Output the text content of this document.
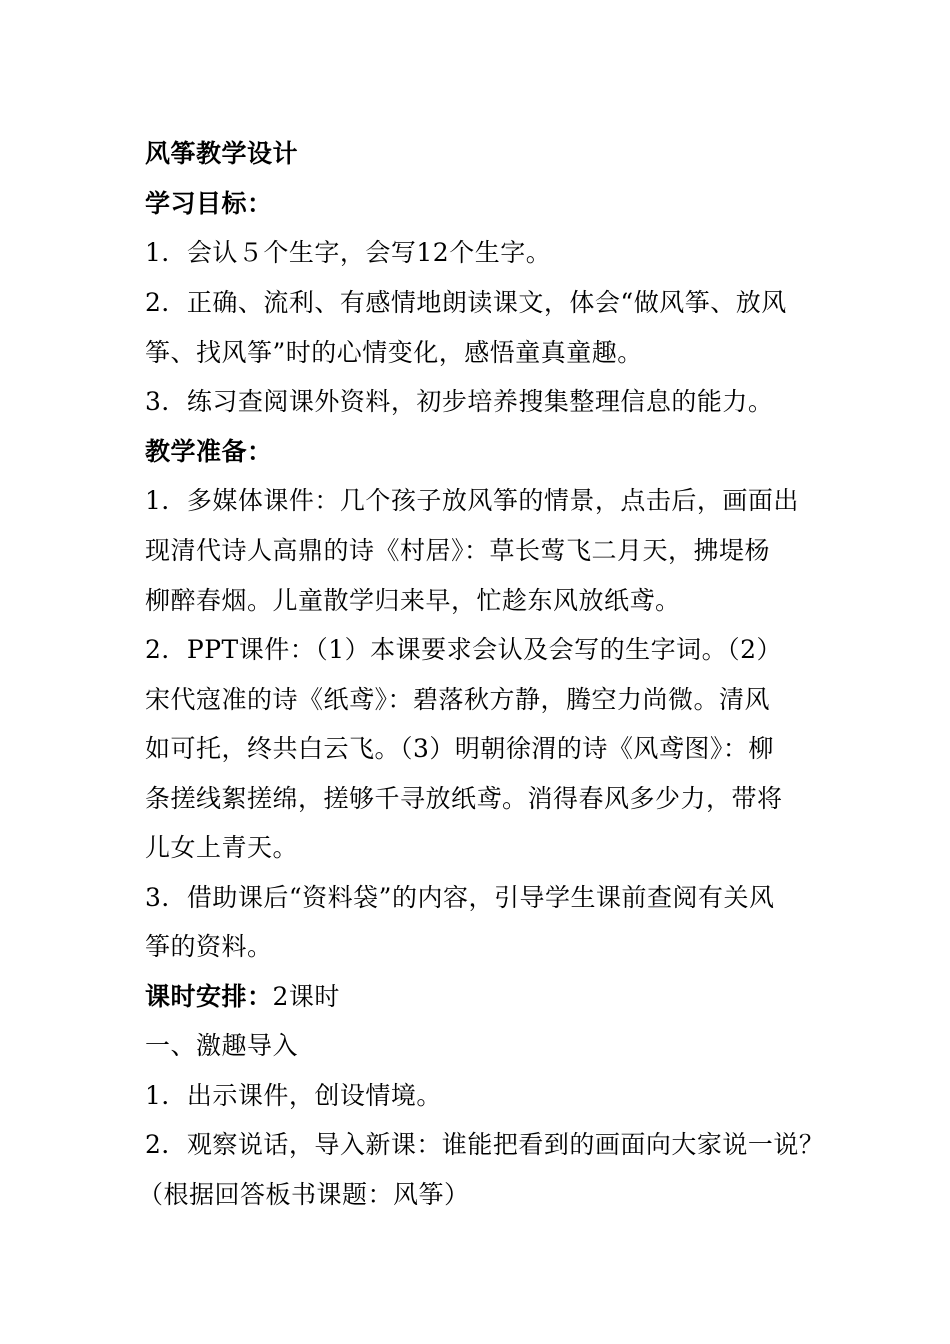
风筝教学设计
学习目标：
1．会认５个生字，会写12个生字。
2．正确、流利、有感情地朗读课文，体会“做风筝、放风
筝、找风筝”时的心情变化，感悟童真童趣。
3．练习查阅课外资料，初步培养搜集整理信息的能力。
教学准备：
1．多媒体课件：几个孩子放风筝的情景，点击后，画面出
现清代诗人高鼎的诗《村居》：草长莺飞二月天，拂堤杨
柳醉春烟。儿童散学归来早，忙趁东风放纸鸢。
2．PPT课件：（1）本课要求会认及会写的生字词。（2）
宋代寇准的诗《纸鸢》：碧落秋方静，腾空力尚微。清风
如可托，终共白云飞。（3）明朝徐渭的诗《风鸢图》：柳
条搓线絮搓绵，搓够千寻放纸鸢。消得春风多少力，带将
儿女上青天。
3．借助课后“资料袋”的内容，引导学生课前查阅有关风
筝的资料。
课时安排：2课时
一、激趣导入
1．出示课件，创设情境。
2．观察说话，导入新课：谁能把看到的画面向大家说一说？
（根据回答板书课题：风筝）
